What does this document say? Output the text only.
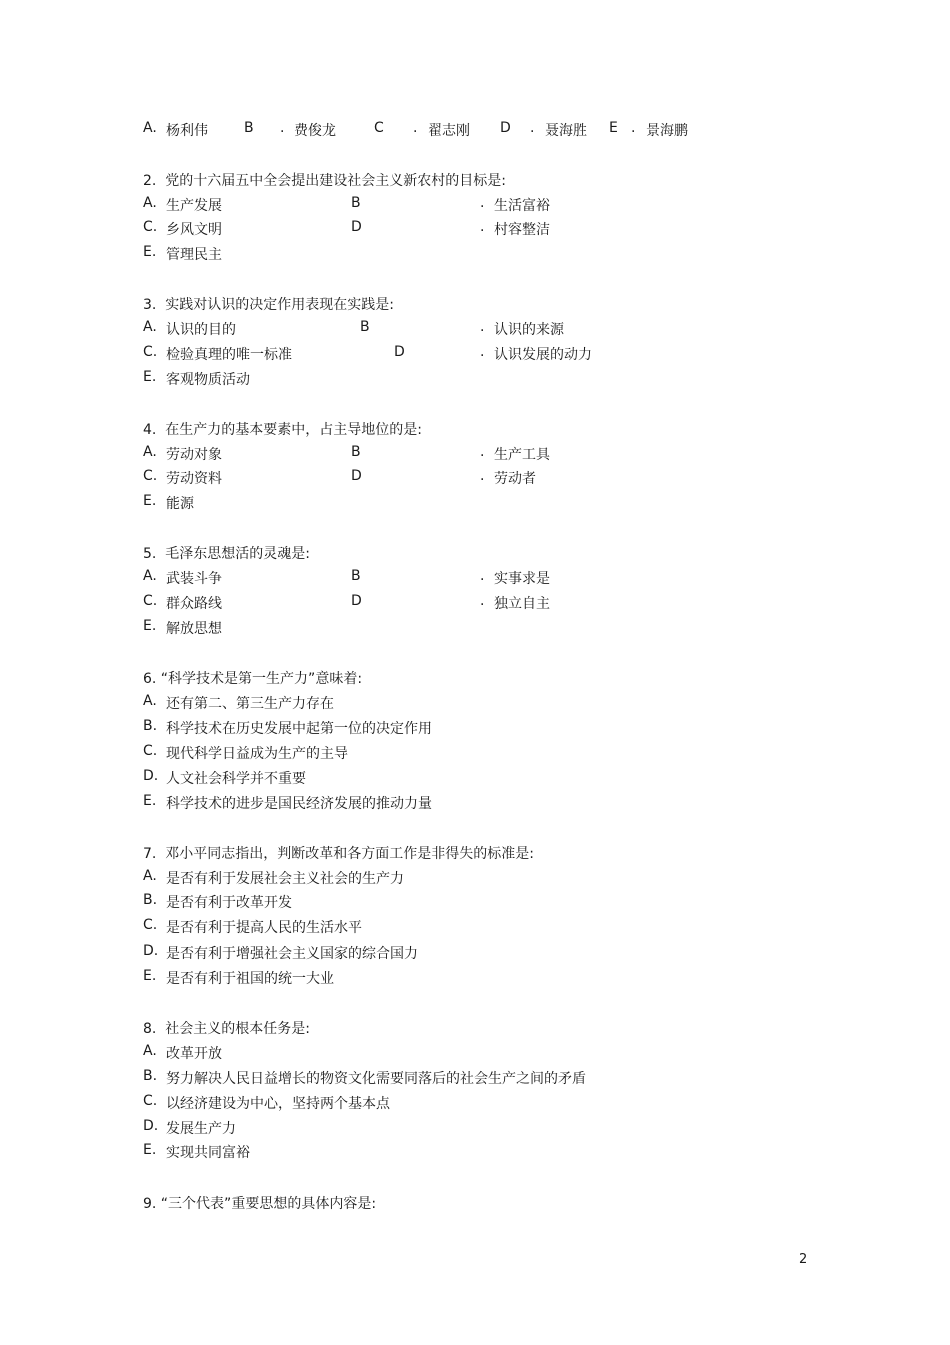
A. 杨利伟	B . 费俊龙	C . 翟志刚 D . 聂海胜 E . 景海鹏
2.  党的十六届五中全会提出建设社会主义新农村的目标是:
A. 生产发展	B	. 生活富裕
C. 乡风文明	D	. 村容整洁
E. 管理民主
3.  实践对认识的决定作用表现在实践是:
A. 认识的目的	B	. 认识的来源
C. 检验真理的唯一标准	D	. 认识发展的动力
E. 客观物质活动
4.  在生产力的基本要素中，占主导地位的是:
A. 劳动对象	B	. 生产工具
C. 劳动资料	D	. 劳动者
E. 能源
5.  毛泽东思想活的灵魂是:
A. 武装斗争	B	. 实事求是
C. 群众路线	D	. 独立自主
E. 解放思想
6. “科学技术是第一生产力”意味着:
A. 还有第二、第三生产力存在
B. 科学技术在历史发展中起第一位的决定作用
C. 现代科学日益成为生产的主导
D. 人文社会科学并不重要
E. 科学技术的进步是国民经济发展的推动力量
7.  邓小平同志指出，判断改革和各方面工作是非得失的标准是:
A. 是否有利于发展社会主义社会的生产力
B. 是否有利于改革开发
C. 是否有利于提高人民的生活水平
D. 是否有利于增强社会主义国家的综合国力
E. 是否有利于祖国的统一大业
8.  社会主义的根本任务是:
A. 改革开放
B. 努力解决人民日益增长的物资文化需要同落后的社会生产之间的矛盾
C. 以经济建设为中心，坚持两个基本点
D. 发展生产力
E. 实现共同富裕
9. “三个代表”重要思想的具体内容是:
2
